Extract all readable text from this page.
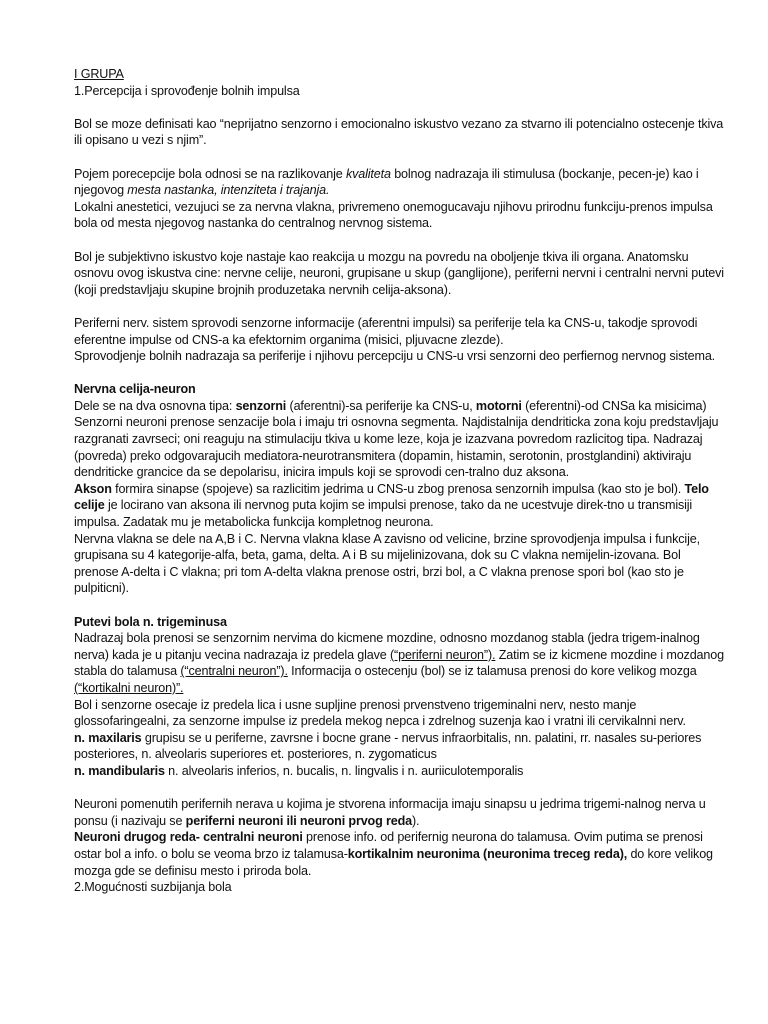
I GRUPA

1.Percepcija i sprovođenje bolnih impulsa

Bol se moze definisati kao “neprijatno senzorno i emocionalno iskustvo vezano za stvarno ili potencialno ostecenje tkiva ili opisano u vezi s njim”.

Pojem porecepcije bola odnosi se na razlikovanje kvaliteta bolnog nadrazaja ili stimulusa (bockanje, pecen-je) kao i njegovog mesta nastanka, intenziteta i trajanja.

Lokalni anestetici, vezujuci se za nervna vlakna, privremeno onemogucavaju njihovu prirodnu funkciju-prenos impulsa bola od mesta njegovog nastanka do centralnog nervnog sistema.

Bol je subjektivno iskustvo koje nastaje kao reakcija u mozgu na povredu na oboljenje tkiva ili organa. Anatomsku osnovu ovog iskustva cine: nervne celije, neuroni, grupisane u skup (ganglijone), periferni nervni i centralni nervni putevi (koji predstavljaju skupine brojnih produzetaka nervnih celija-aksona).

Periferni nerv. sistem sprovodi senzorne informacije (aferentni impulsi) sa periferije tela ka CNS-u, takodje sprovodi eferentne impulse od CNS-a ka efektornim organima (misici, pljuvacne zlezde).

Sprovodjenje bolnih nadrazaja sa periferije i njihovu percepciju u CNS-u vrsi senzorni deo perfiernog nervnog sistema.

Nervna celija-neuron

Dele se na dva osnovna tipa: senzorni (aferentni)-sa periferije ka CNS-u, motorni (eferentni)-od CNSa ka misicima)

Senzorni neuroni prenose senzacije bola i imaju tri osnovna segmenta. Najdistalnija dendriticka zona koju predstavljaju razgranati zavrseci; oni reaguju na stimulaciju tkiva u kome leze, koja je izazvana povredom razlicitog tipa. Nadrazaj (povreda) preko odgovarajucih mediatora-neurotransmitera (dopamin, histamin, serotonin, prostglandini) aktiviraju dendriticke grancice da se depolarisu, inicira impuls koji se sprovodi cen-tralno duz aksona.

Akson formira sinapse (spojeve) sa razlicitim jedrima u CNS-u zbog prenosa senzornih impulsa (kao sto je bol). Telo celije je locirano van aksona ili nervnog puta kojim se impulsi prenose, tako da ne ucestvuje direk-tno u transmisiji impulsa. Zadatak mu je metabolicka funkcija kompletnog neurona.

Nervna vlakna se dele na A,B i C. Nervna vlakna klase A zavisno od velicine, brzine sprovodjenja impulsa i funkcije, grupisana su 4 kategorije-alfa, beta, gama, delta. A i B su mijelinizovana, dok su C vlakna nemijelin-izovana. Bol prenose A-delta i C vlakna; pri tom A-delta vlakna prenose ostri, brzi bol, a C vlakna prenose spori bol (kao sto je pulpiticni).

Putevi bola n. trigeminusa

Nadrazaj bola prenosi se senzornim nervima do kicmene mozdine, odnosno mozdanog stabla (jedra trigem-inalnog nerva) kada je u pitanju vecina nadrazaja iz predela glave (“periferni neuron”). Zatim se iz kicmene mozdine i mozdanog stabla do talamusa (“centralni neuron”). Informacija o ostecenju (bol) se iz talamusa prenosi do kore velikog mozga (“kortikalni neuron)”.

Bol i senzorne osecaje iz predela lica i usne supljine prenosi prvenstveno trigeminalni nerv, nesto manje glossofaringealni, za senzorne impulse iz predela mekog nepca i zdrelnog suzenja kao i vratni ili cervikalnni nerv.

n. maxilaris grupisu se u periferne, zavrsne i bocne grane - nervus infraorbitalis, nn. palatini, rr. nasales su-periores posteriores, n. alveolaris superiores et. posteriores, n. zygomaticus

n. mandibularis n. alveolaris inferios, n. bucalis, n. lingvalis i n. auriiculotemporalis

Neuroni pomenutih perifernih nerava u kojima je stvorena informacija imaju sinapsu u jedrima trigemi-nalnog nerva u ponsu (i nazivaju se periferni neuroni ili neuroni prvog reda).

Neuroni drugog reda- centralni neuroni prenose info. od perifernig neurona do talamusa. Ovim putima se prenosi ostar bol a info. o bolu se veoma brzo iz talamusa-kortikalnim neuronima (neuronima treceg reda), do kore velikog mozga gde se definisu mesto i priroda bola.

2.Mogućnosti suzbijanja bola
